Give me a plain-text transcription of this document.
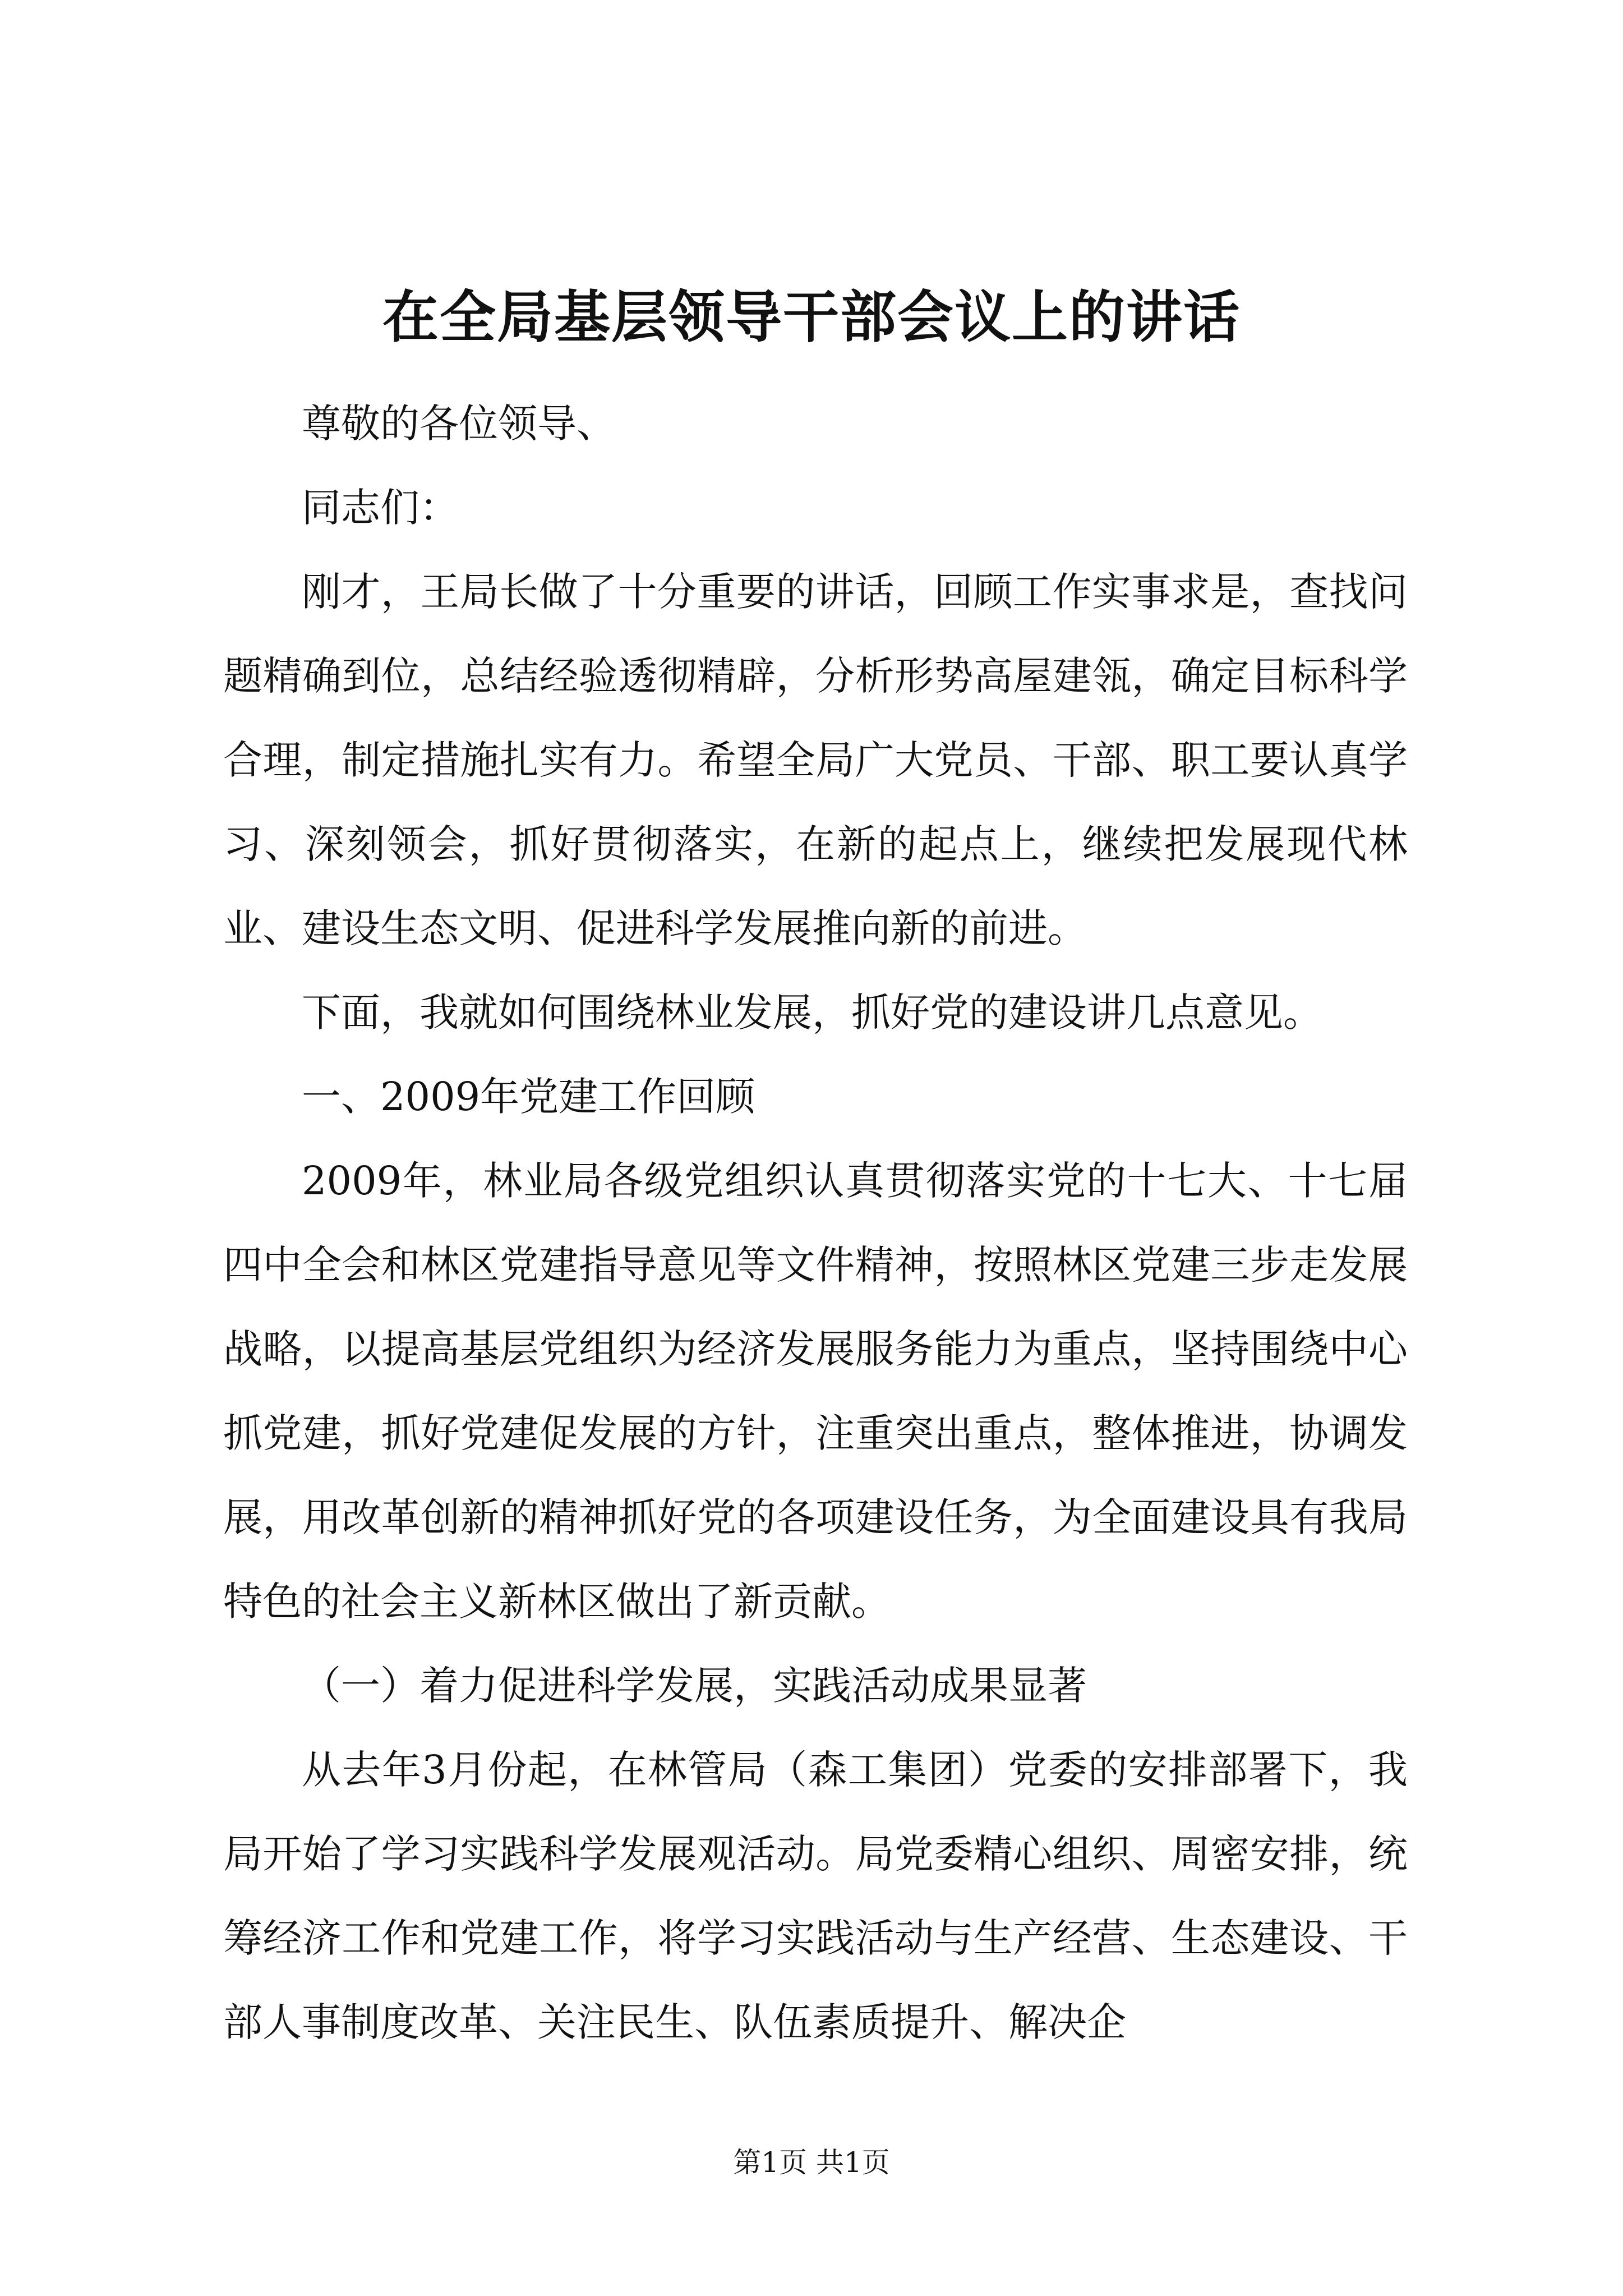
在全局基层领导干部会议上的讲话

尊敬的各位领导、

同志们：

刚才，王局长做了十分重要的讲话，回顾工作实事求是，查找问题精确到位，总结经验透彻精辟，分析形势高屋建瓴，确定目标科学合理，制定措施扎实有力。希望全局广大党员、干部、职工要认真学习、深刻领会，抓好贯彻落实，在新的起点上，继续把发展现代林业、建设生态文明、促进科学发展推向新的前进。

下面，我就如何围绕林业发展，抓好党的建设讲几点意见。

一、2009年党建工作回顾

2009年，林业局各级党组织认真贯彻落实党的十七大、十七届四中全会和林区党建指导意见等文件精神，按照林区党建三步走发展战略，以提高基层党组织为经济发展服务能力为重点，坚持围绕中心抓党建，抓好党建促发展的方针，注重突出重点，整体推进，协调发展，用改革创新的精神抓好党的各项建设任务，为全面建设具有我局特色的社会主义新林区做出了新贡献。

（一）着力促进科学发展，实践活动成果显著

从去年3月份起，在林管局（森工集团）党委的安排部署下，我局开始了学习实践科学发展观活动。局党委精心组织、周密安排，统筹经济工作和党建工作，将学习实践活动与生产经营、生态建设、干部人事制度改革、关注民生、队伍素质提升、解决企

第1页 共1页
